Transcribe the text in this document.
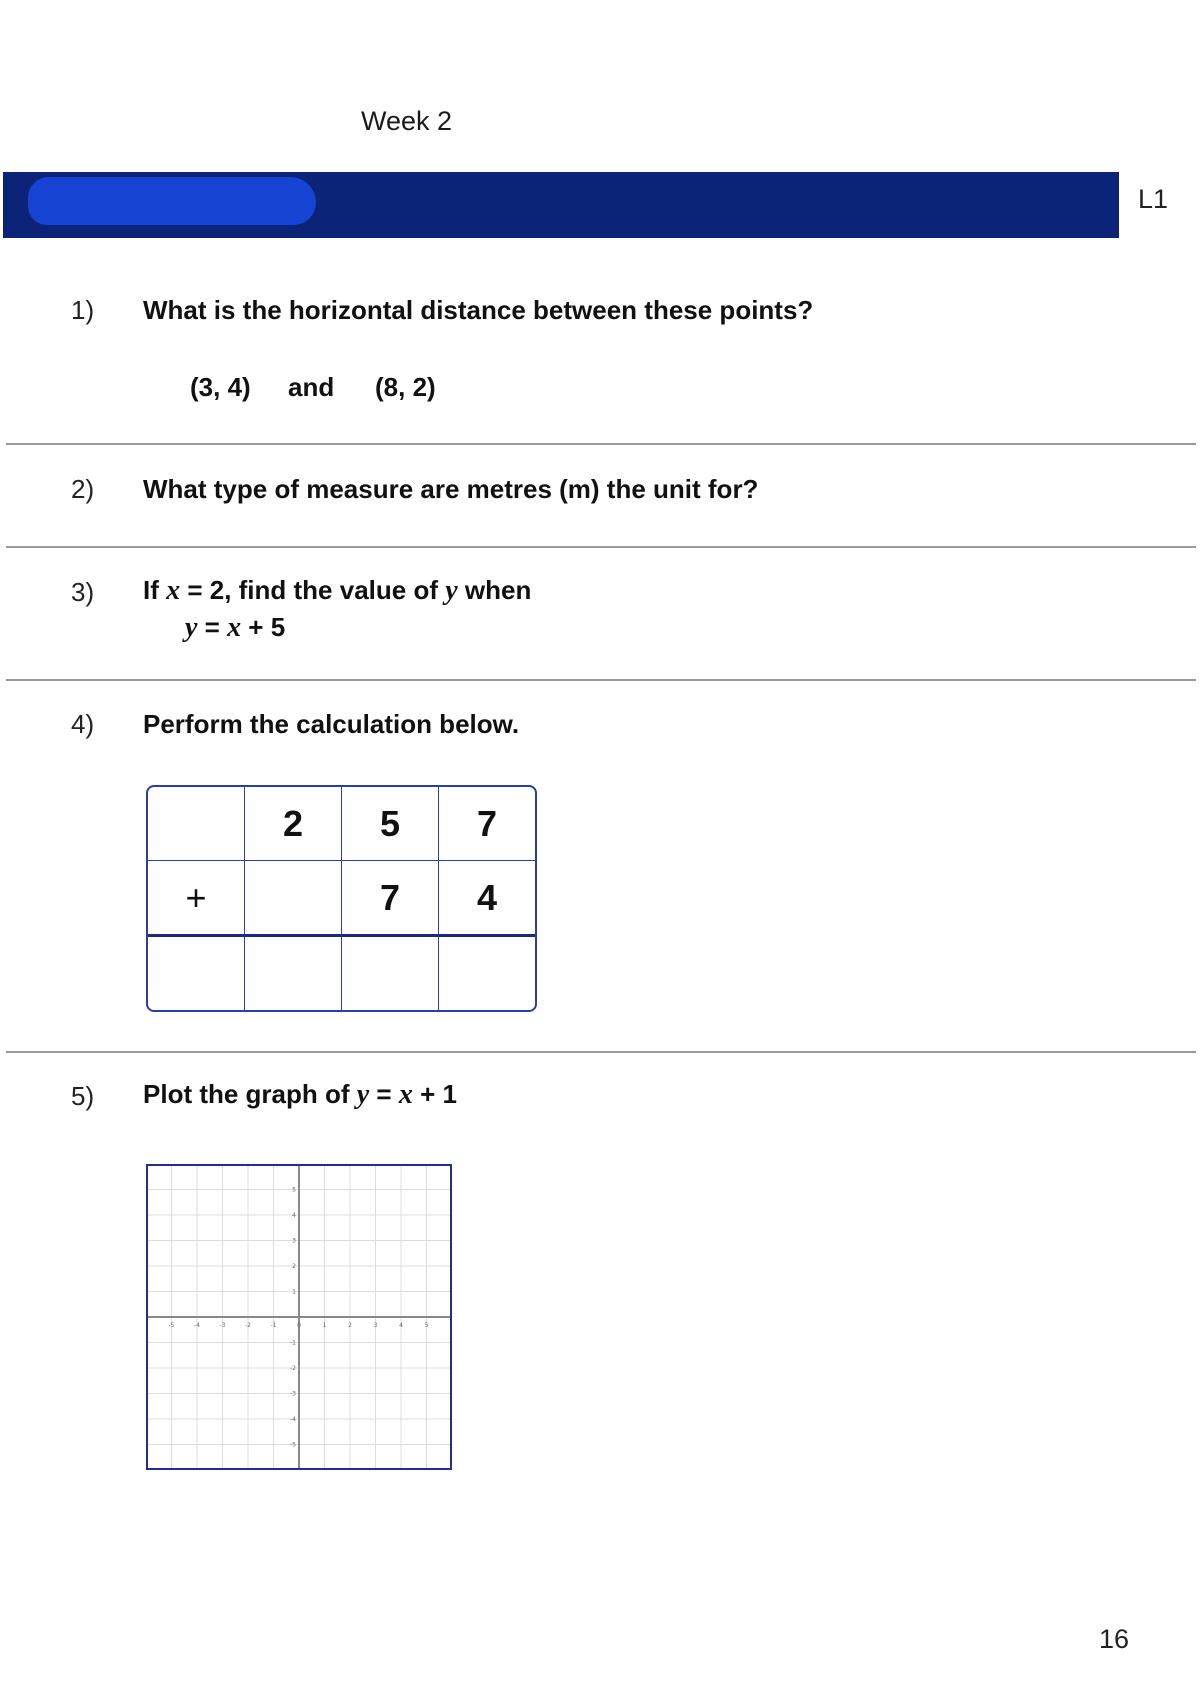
Week 2
L1
1) What is the horizontal distance between these points?
(3, 4) and (8, 2)
2) What type of measure are metres (m) the unit for?
3) If x = 2, find the value of y when
y = x + 5
4) Perform the calculation below.
	2	5	7
+		7	4

5) Plot the graph of y = x + 1
-5	-4	-3	-2	-1	0	1	2	3	4	5
5
4
3
2
1
-1
-2
-3
-4
-5
16
